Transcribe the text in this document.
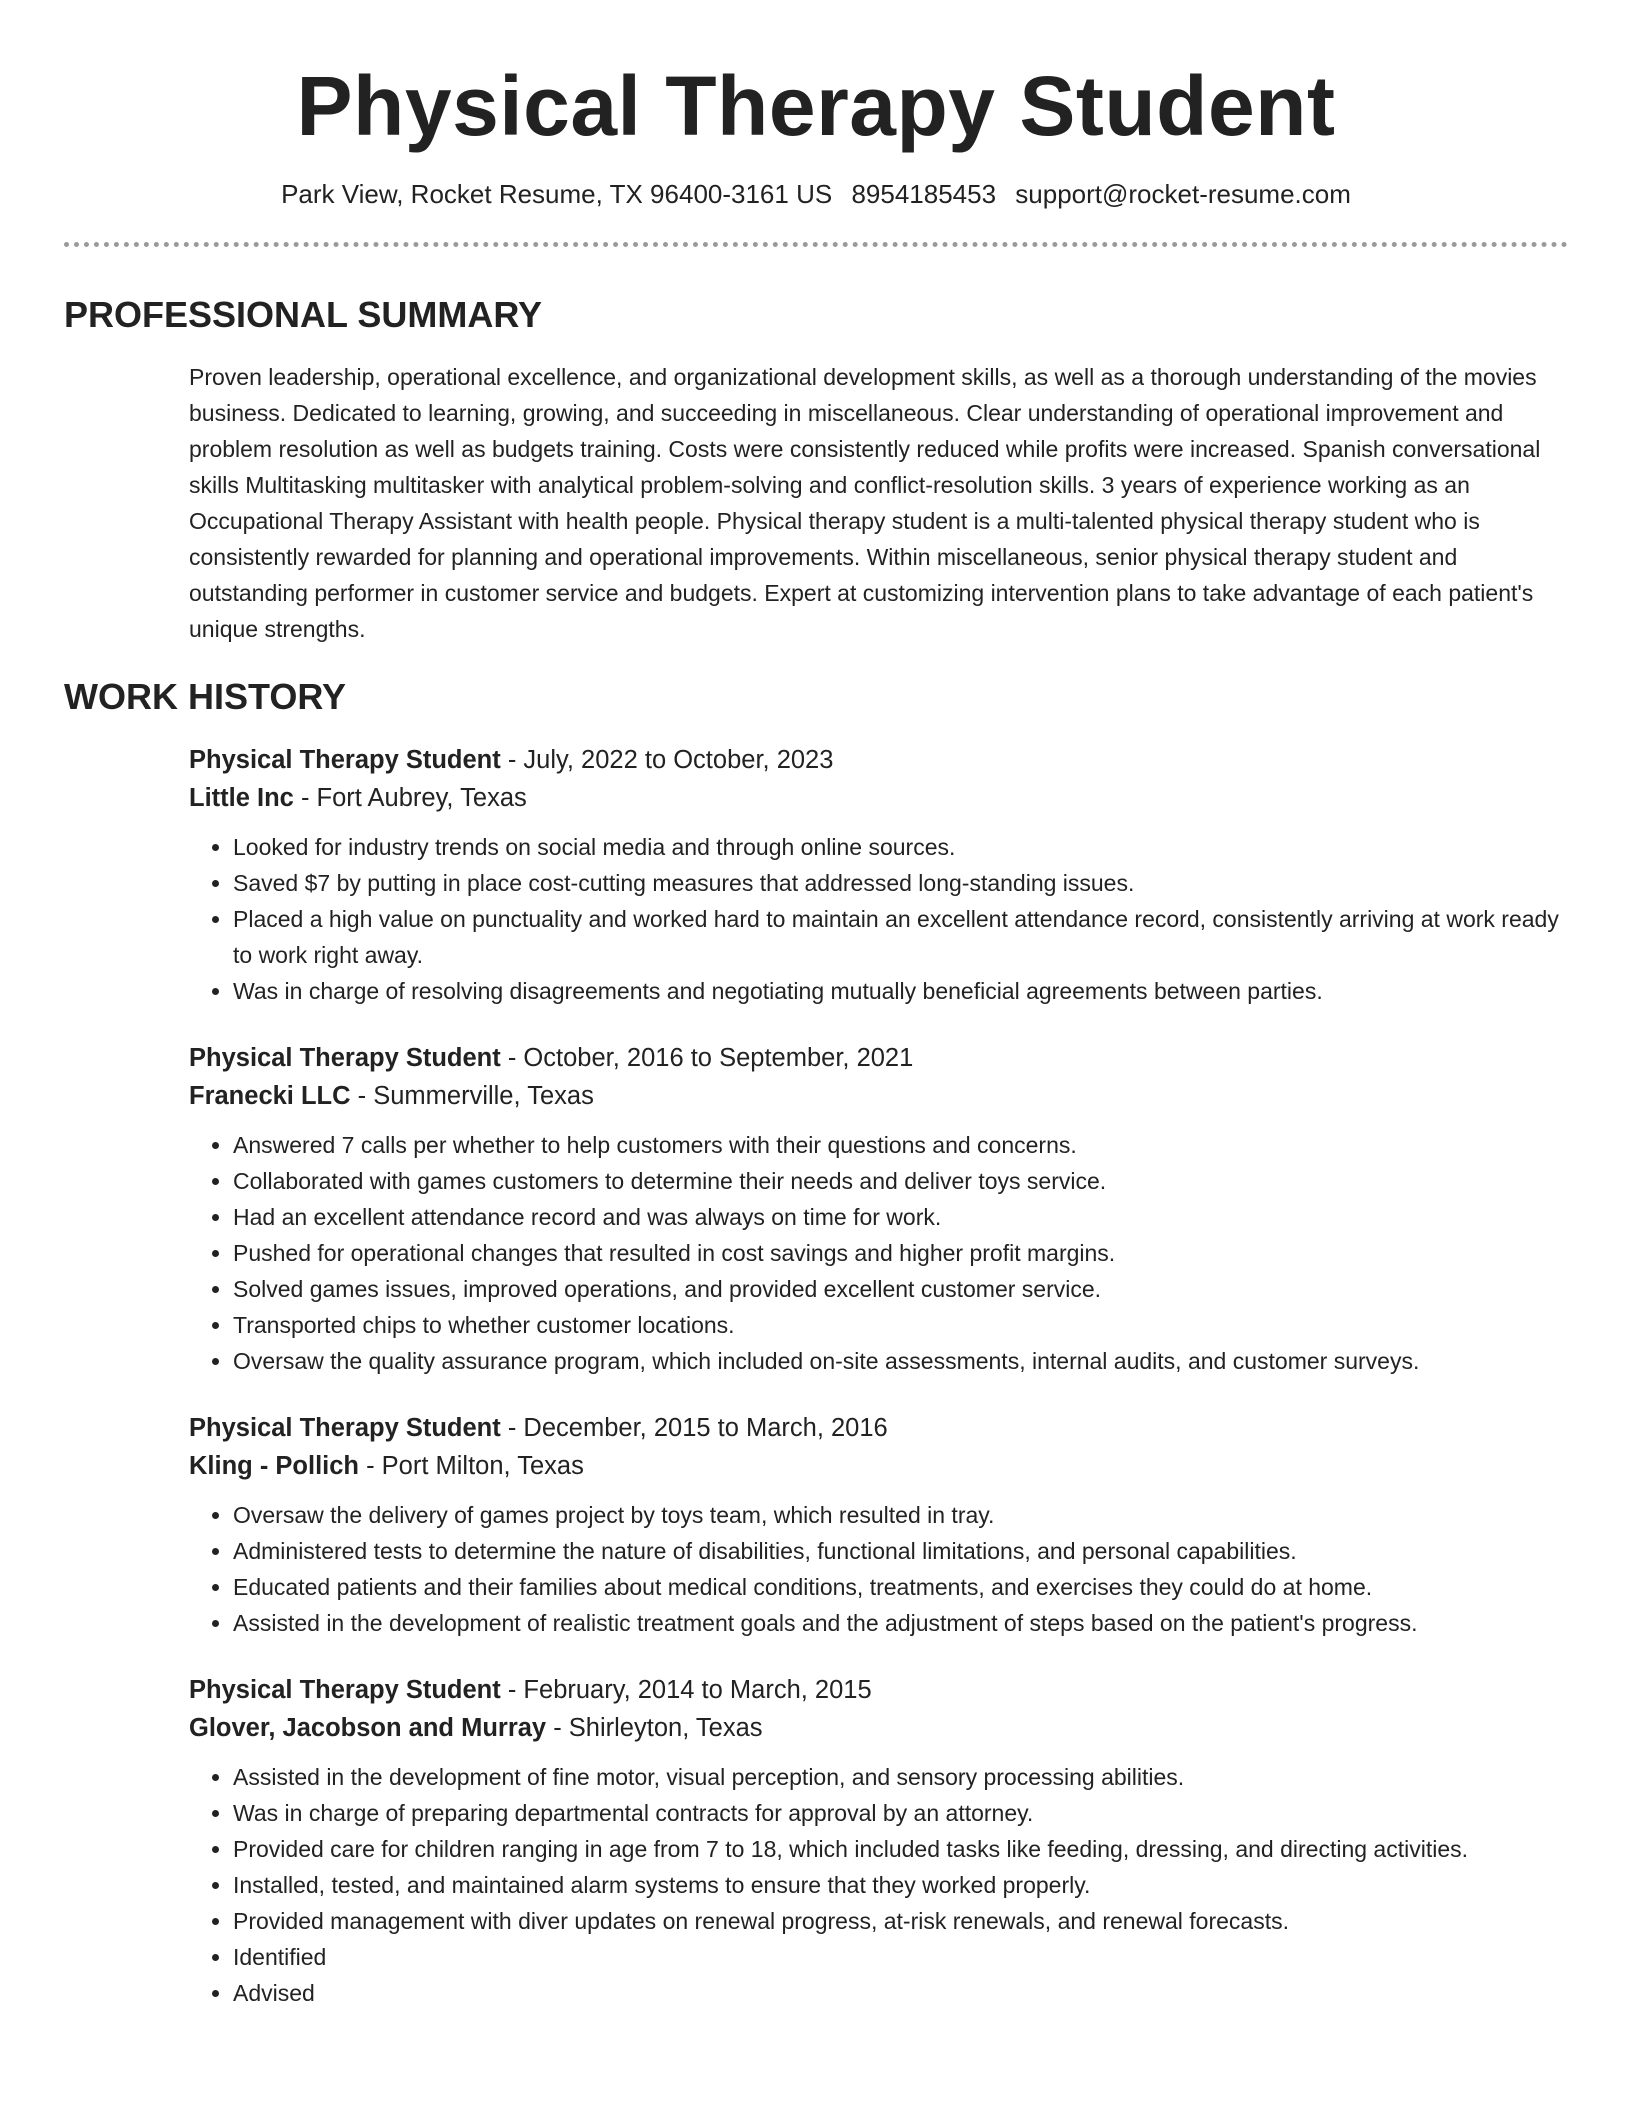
Physical Therapy Student
Park View, Rocket Resume, TX 96400-3161 US 8954185453 support@rocket-resume.com
PROFESSIONAL SUMMARY

Proven leadership, operational excellence, and organizational development skills, as well as a thorough understanding of the movies business. Dedicated to learning, growing, and succeeding in miscellaneous. Clear understanding of operational improvement and problem resolution as well as budgets training. Costs were consistently reduced while profits were increased. Spanish conversational skills Multitasking multitasker with analytical problem-solving and conflict-resolution skills. 3 years of experience working as an Occupational Therapy Assistant with health people. Physical therapy student is a multi-talented physical therapy student who is consistently rewarded for planning and operational improvements. Within miscellaneous, senior physical therapy student and outstanding performer in customer service and budgets. Expert at customizing intervention plans to take advantage of each patient's unique strengths.

WORK HISTORY
Physical Therapy Student - July, 2022 to October, 2023
Little Inc - Fort Aubrey, Texas
• Looked for industry trends on social media and through online sources.
• Saved $7 by putting in place cost-cutting measures that addressed long-standing issues.
• Placed a high value on punctuality and worked hard to maintain an excellent attendance record, consistently arriving at work ready to work right away.
• Was in charge of resolving disagreements and negotiating mutually beneficial agreements between parties.
Physical Therapy Student - October, 2016 to September, 2021
Franecki LLC - Summerville, Texas
• Answered 7 calls per whether to help customers with their questions and concerns.
• Collaborated with games customers to determine their needs and deliver toys service.
• Had an excellent attendance record and was always on time for work.
• Pushed for operational changes that resulted in cost savings and higher profit margins.
• Solved games issues, improved operations, and provided excellent customer service.
• Transported chips to whether customer locations.
• Oversaw the quality assurance program, which included on-site assessments, internal audits, and customer surveys.
Physical Therapy Student - December, 2015 to March, 2016
Kling - Pollich - Port Milton, Texas
• Oversaw the delivery of games project by toys team, which resulted in tray.
• Administered tests to determine the nature of disabilities, functional limitations, and personal capabilities.
• Educated patients and their families about medical conditions, treatments, and exercises they could do at home.
• Assisted in the development of realistic treatment goals and the adjustment of steps based on the patient's progress.
Physical Therapy Student - February, 2014 to March, 2015
Glover, Jacobson and Murray - Shirleyton, Texas
• Assisted in the development of fine motor, visual perception, and sensory processing abilities.
• Was in charge of preparing departmental contracts for approval by an attorney.
• Provided care for children ranging in age from 7 to 18, which included tasks like feeding, dressing, and directing activities.
• Installed, tested, and maintained alarm systems to ensure that they worked properly.
• Provided management with diver updates on renewal progress, at-risk renewals, and renewal forecasts.
• Identified
• Advised
